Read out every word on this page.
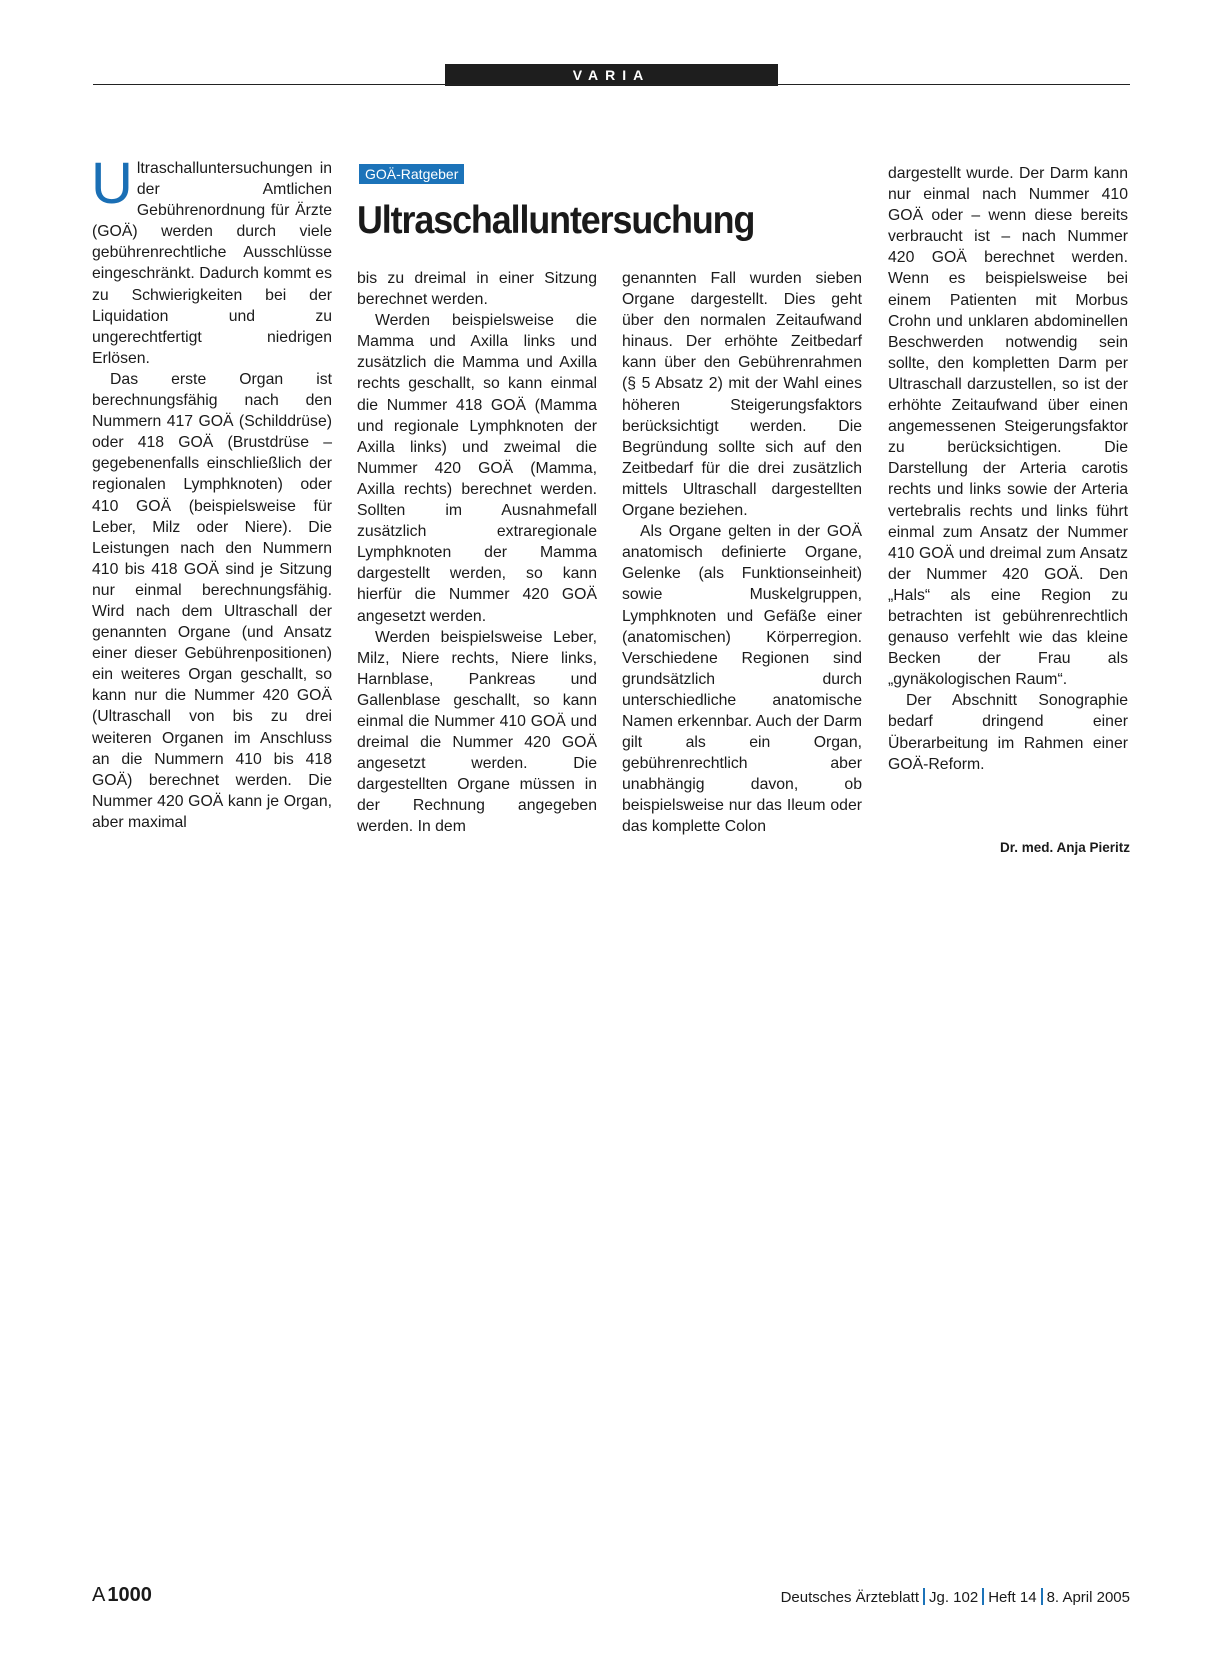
VARIA
GOÄ-Ratgeber
Ultraschalluntersuchung

Ultraschalluntersuchungen in der Amtlichen Gebührenordnung für Ärzte (GOÄ) werden durch viele gebührenrechtliche Ausschlüsse eingeschränkt. Dadurch kommt es zu Schwierigkeiten bei der Liquidation und zu ungerechtfertigt niedrigen Erlösen.

Das erste Organ ist berechnungsfähig nach den Nummern 417 GOÄ (Schilddrüse) oder 418 GOÄ (Brustdrüse – gegebenenfalls einschließlich der regionalen Lymphknoten) oder 410 GOÄ (beispielsweise für Leber, Milz oder Niere). Die Leistungen nach den Nummern 410 bis 418 GOÄ sind je Sitzung nur einmal berechnungsfähig. Wird nach dem Ultraschall der genannten Organe (und Ansatz einer dieser Gebührenpositionen) ein weiteres Organ geschallt, so kann nur die Nummer 420 GOÄ (Ultraschall von bis zu drei weiteren Organen im Anschluss an die Nummern 410 bis 418 GOÄ) berechnet werden. Die Nummer 420 GOÄ kann je Organ, aber maximal

bis zu dreimal in einer Sitzung berechnet werden.

Werden beispielsweise die Mamma und Axilla links und zusätzlich die Mamma und Axilla rechts geschallt, so kann einmal die Nummer 418 GOÄ (Mamma und regionale Lymphknoten der Axilla links) und zweimal die Nummer 420 GOÄ (Mamma, Axilla rechts) berechnet werden. Sollten im Ausnahmefall zusätzlich extraregionale Lymphknoten der Mamma dargestellt werden, so kann hierfür die Nummer 420 GOÄ angesetzt werden.

Werden beispielsweise Leber, Milz, Niere rechts, Niere links, Harnblase, Pankreas und Gallenblase geschallt, so kann einmal die Nummer 410 GOÄ und dreimal die Nummer 420 GOÄ angesetzt werden. Die dargestellten Organe müssen in der Rechnung angegeben werden. In dem

genannten Fall wurden sieben Organe dargestellt. Dies geht über den normalen Zeitaufwand hinaus. Der erhöhte Zeitbedarf kann über den Gebührenrahmen (§ 5 Absatz 2) mit der Wahl eines höheren Steigerungsfaktors berücksichtigt werden. Die Begründung sollte sich auf den Zeitbedarf für die drei zusätzlich mittels Ultraschall dargestellten Organe beziehen.

Als Organe gelten in der GOÄ anatomisch definierte Organe, Gelenke (als Funktionseinheit) sowie Muskelgruppen, Lymphknoten und Gefäße einer (anatomischen) Körperregion. Verschiedene Regionen sind grundsätzlich durch unterschiedliche anatomische Namen erkennbar. Auch der Darm gilt als ein Organ, gebührenrechtlich aber unabhängig davon, ob beispielsweise nur das Ileum oder das komplette Colon

dargestellt wurde. Der Darm kann nur einmal nach Nummer 410 GOÄ oder – wenn diese bereits verbraucht ist – nach Nummer 420 GOÄ berechnet werden. Wenn es beispielsweise bei einem Patienten mit Morbus Crohn und unklaren abdominellen Beschwerden notwendig sein sollte, den kompletten Darm per Ultraschall darzustellen, so ist der erhöhte Zeitaufwand über einen angemessenen Steigerungsfaktor zu berücksichtigen. Die Darstellung der Arteria carotis rechts und links sowie der Arteria vertebralis rechts und links führt einmal zum Ansatz der Nummer 410 GOÄ und dreimal zum Ansatz der Nummer 420 GOÄ. Den „Hals“ als eine Region zu betrachten ist gebührenrechtlich genauso verfehlt wie das kleine Becken der Frau als „gynäkologischen Raum“.

Der Abschnitt Sonographie bedarf dringend einer Überarbeitung im Rahmen einer GOÄ-Reform.

Dr. med. Anja Pieritz
A 1000	Deutsches Ärzteblatt Jg. 102 Heft 14 8. April 2005
